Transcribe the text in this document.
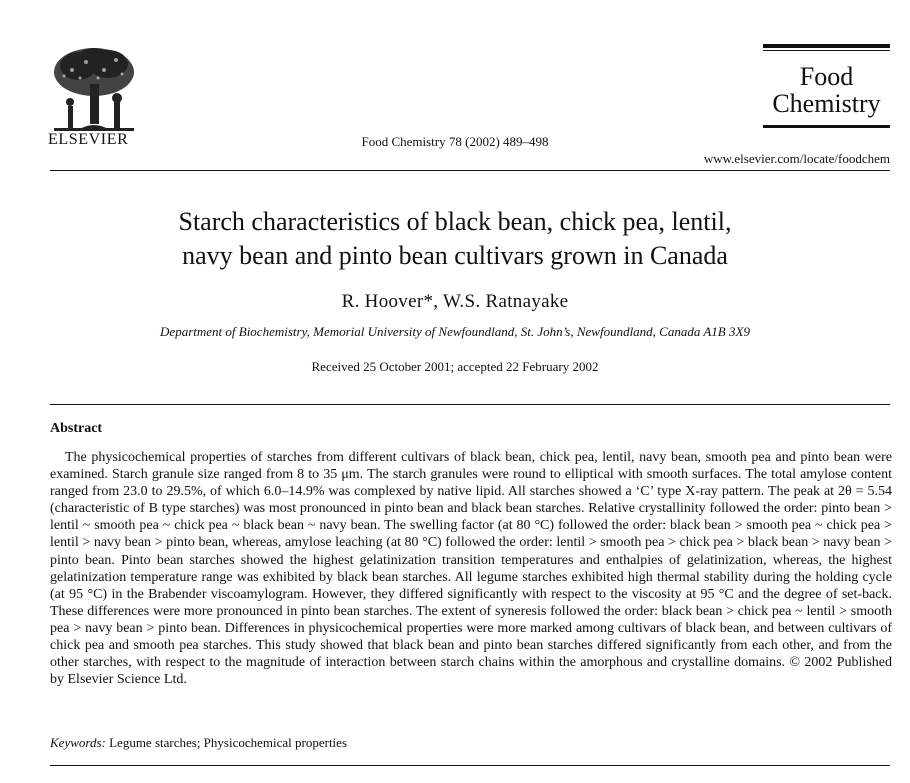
ELSEVIER	Food Chemistry 78 (2002) 489–498
Food
Chemistry
www.elsevier.com/locate/foodchem
Starch characteristics of black bean, chick pea, lentil,
navy bean and pinto bean cultivars grown in Canada
R. Hoover*, W.S. Ratnayake
Department of Biochemistry, Memorial University of Newfoundland, St. John’s, Newfoundland, Canada A1B 3X9
Received 25 October 2001; accepted 22 February 2002
Abstract
The physicochemical properties of starches from different cultivars of black bean, chick pea, lentil, navy bean, smooth pea and pinto bean were examined. Starch granule size ranged from 8 to 35 μm. The starch granules were round to elliptical with smooth surfaces. The total amylose content ranged from 23.0 to 29.5%, of which 6.0–14.9% was complexed by native lipid. All starches showed a ‘C’ type X-ray pattern. The peak at 2θ = 5.54 (characteristic of B type starches) was most pronounced in pinto bean and black bean starches. Relative crystallinity followed the order: pinto bean > lentil ~ smooth pea ~ chick pea ~ black bean ~ navy bean. The swelling factor (at 80 °C) followed the order: black bean > smooth pea ~ chick pea > lentil > navy bean > pinto bean, whereas, amylose leaching (at 80 °C) followed the order: lentil > smooth pea > chick pea > black bean > navy bean > pinto bean. Pinto bean starches showed the highest gelatinization transition temperatures and enthalpies of gelatinization, whereas, the highest gelatinization temperature range was exhibited by black bean starches. All legume starches exhibited high thermal stability during the holding cycle (at 95 °C) in the Brabender viscoamylogram. However, they differed significantly with respect to the viscosity at 95 °C and the degree of set-back. These differences were more pronounced in pinto bean starches. The extent of syneresis followed the order: black bean > chick pea ~ lentil > smooth pea > navy bean > pinto bean. Differences in physicochemical properties were more marked among cultivars of black bean, and between cultivars of chick pea and smooth pea starches. This study showed that black bean and pinto bean starches differed significantly from each other, and from the other starches, with respect to the magnitude of interaction between starch chains within the amorphous and crystalline domains. © 2002 Published by Elsevier Science Ltd.
Keywords: Legume starches; Physicochemical properties
